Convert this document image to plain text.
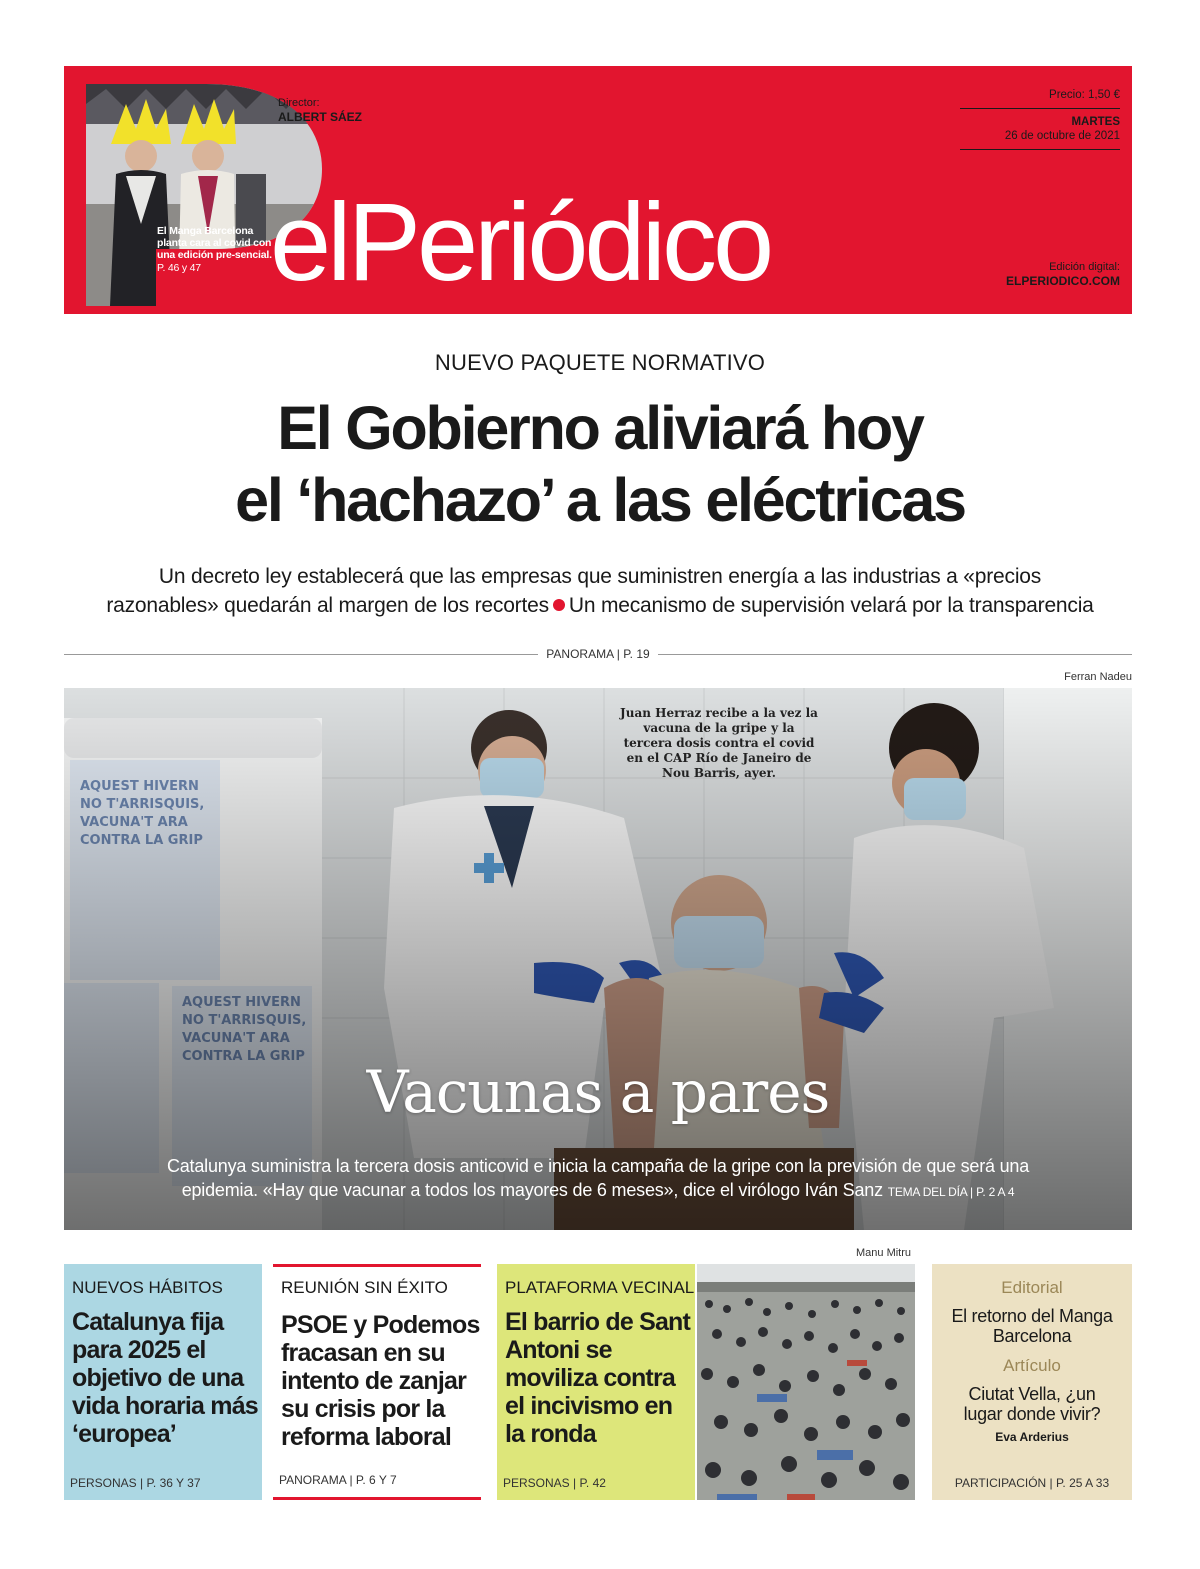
El Manga Barcelona planta cara al covid con una edición pre-sencial. P. 46 y 47
Director:
ALBERT SÁEZ
elPeriódico
Precio: 1,50 €
MARTES
26 de octubre de 2021
Edición digital:
ELPERIODICO.COM
NUEVO PAQUETE NORMATIVO
El Gobierno aliviará hoy
el ‘hachazo’ a las eléctricas
Un decreto ley establecerá que las empresas que suministren energía a las industrias a «precios
razonables» quedarán al margen de los recortes Un mecanismo de supervisión velará por la transparencia
PANORAMA | P. 19
Ferran Nadeu
Juan Herraz recibe a la vez la vacuna de la gripe y la tercera dosis contra el covid en el CAP Río de Janeiro de Nou Barris, ayer.
Vacunas a pares
Catalunya suministra la tercera dosis anticovid e inicia la campaña de la gripe con la previsión de que será una
epidemia. «Hay que vacunar a todos los mayores de 6 meses», dice el virólogo Iván Sanz TEMA DEL DÍA | P. 2 A 4
Manu Mitru
NUEVOS HÁBITOS
Catalunya fija para 2025 el objetivo de una vida horaria más ‘europea’
PERSONAS | P. 36 Y 37
REUNIÓN SIN ÉXITO
PSOE y Podemos fracasan en su intento de zanjar su crisis por la reforma laboral
PANORAMA | P. 6 Y 7
PLATAFORMA VECINAL
El barrio de Sant Antoni se moviliza contra el incivismo en la ronda
PERSONAS | P. 42
Editorial
El retorno del Manga Barcelona
Artículo
Ciutat Vella, ¿un lugar donde vivir?
Eva Arderius
PARTICIPACIÓN | P. 25 A 33
